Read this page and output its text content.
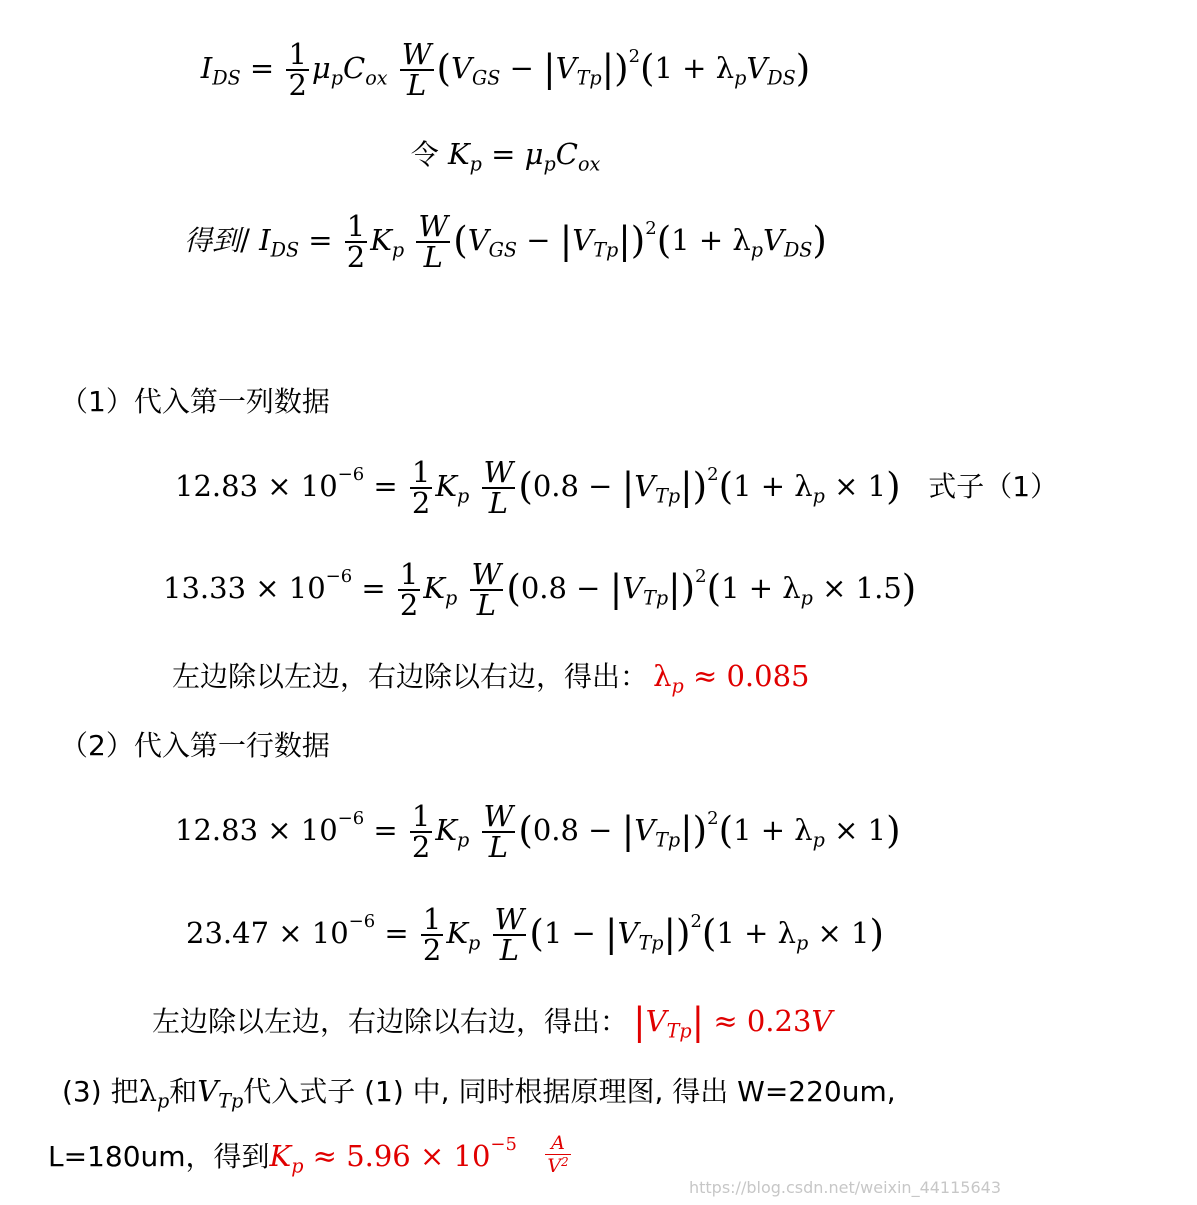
$I_{DS} = \frac{1}{2} \mu_pC_{ox} \frac{W}{L} (V_{GS} - |V_{Tp}|)^2(1 + \lambda_pV_{DS})$
令 $K_p = \mu_pC_{ox}$
得到/ $I_{DS} = \frac{1}{2} K_p \frac{W}{L} (V_{GS} - |V_{Tp}|)^2(1 + \lambda_pV_{DS})$
（1）代入第一列数据
$12.83 \times 10^{-6} = \frac{1}{2} K_p \frac{W}{L} (0.8 - |V_{Tp}|)^2(1 + \lambda_p \times 1)$ 式子（1）
$13.33 \times 10^{-6} = \frac{1}{2} K_p \frac{W}{L} (0.8 - |V_{Tp}|)^2(1 + \lambda_p \times 1.5)$
左边除以左边，右边除以右边，得出： $\lambda_p \approx 0.085$
（2）代入第一行数据
$12.83 \times 10^{-6} = \frac{1}{2} K_p \frac{W}{L} (0.8 - |V_{Tp}|)^2(1 + \lambda_p \times 1)$
$23.47 \times 10^{-6} = \frac{1}{2} K_p \frac{W}{L} (1 - |V_{Tp}|)^2(1 + \lambda_p \times 1)$
左边除以左边，右边除以右边，得出： $|V_{Tp}| \approx 0.23V$
(3) 把$\lambda_p$和$V_{Tp}$代入式子 (1) 中, 同时根据原理图, 得出 W=220um,
L=180um，得到$K_p \approx 5.96 \times 10^{-5} \frac{A}{V^2}$
https://blog.csdn.net/weixin_44115643
